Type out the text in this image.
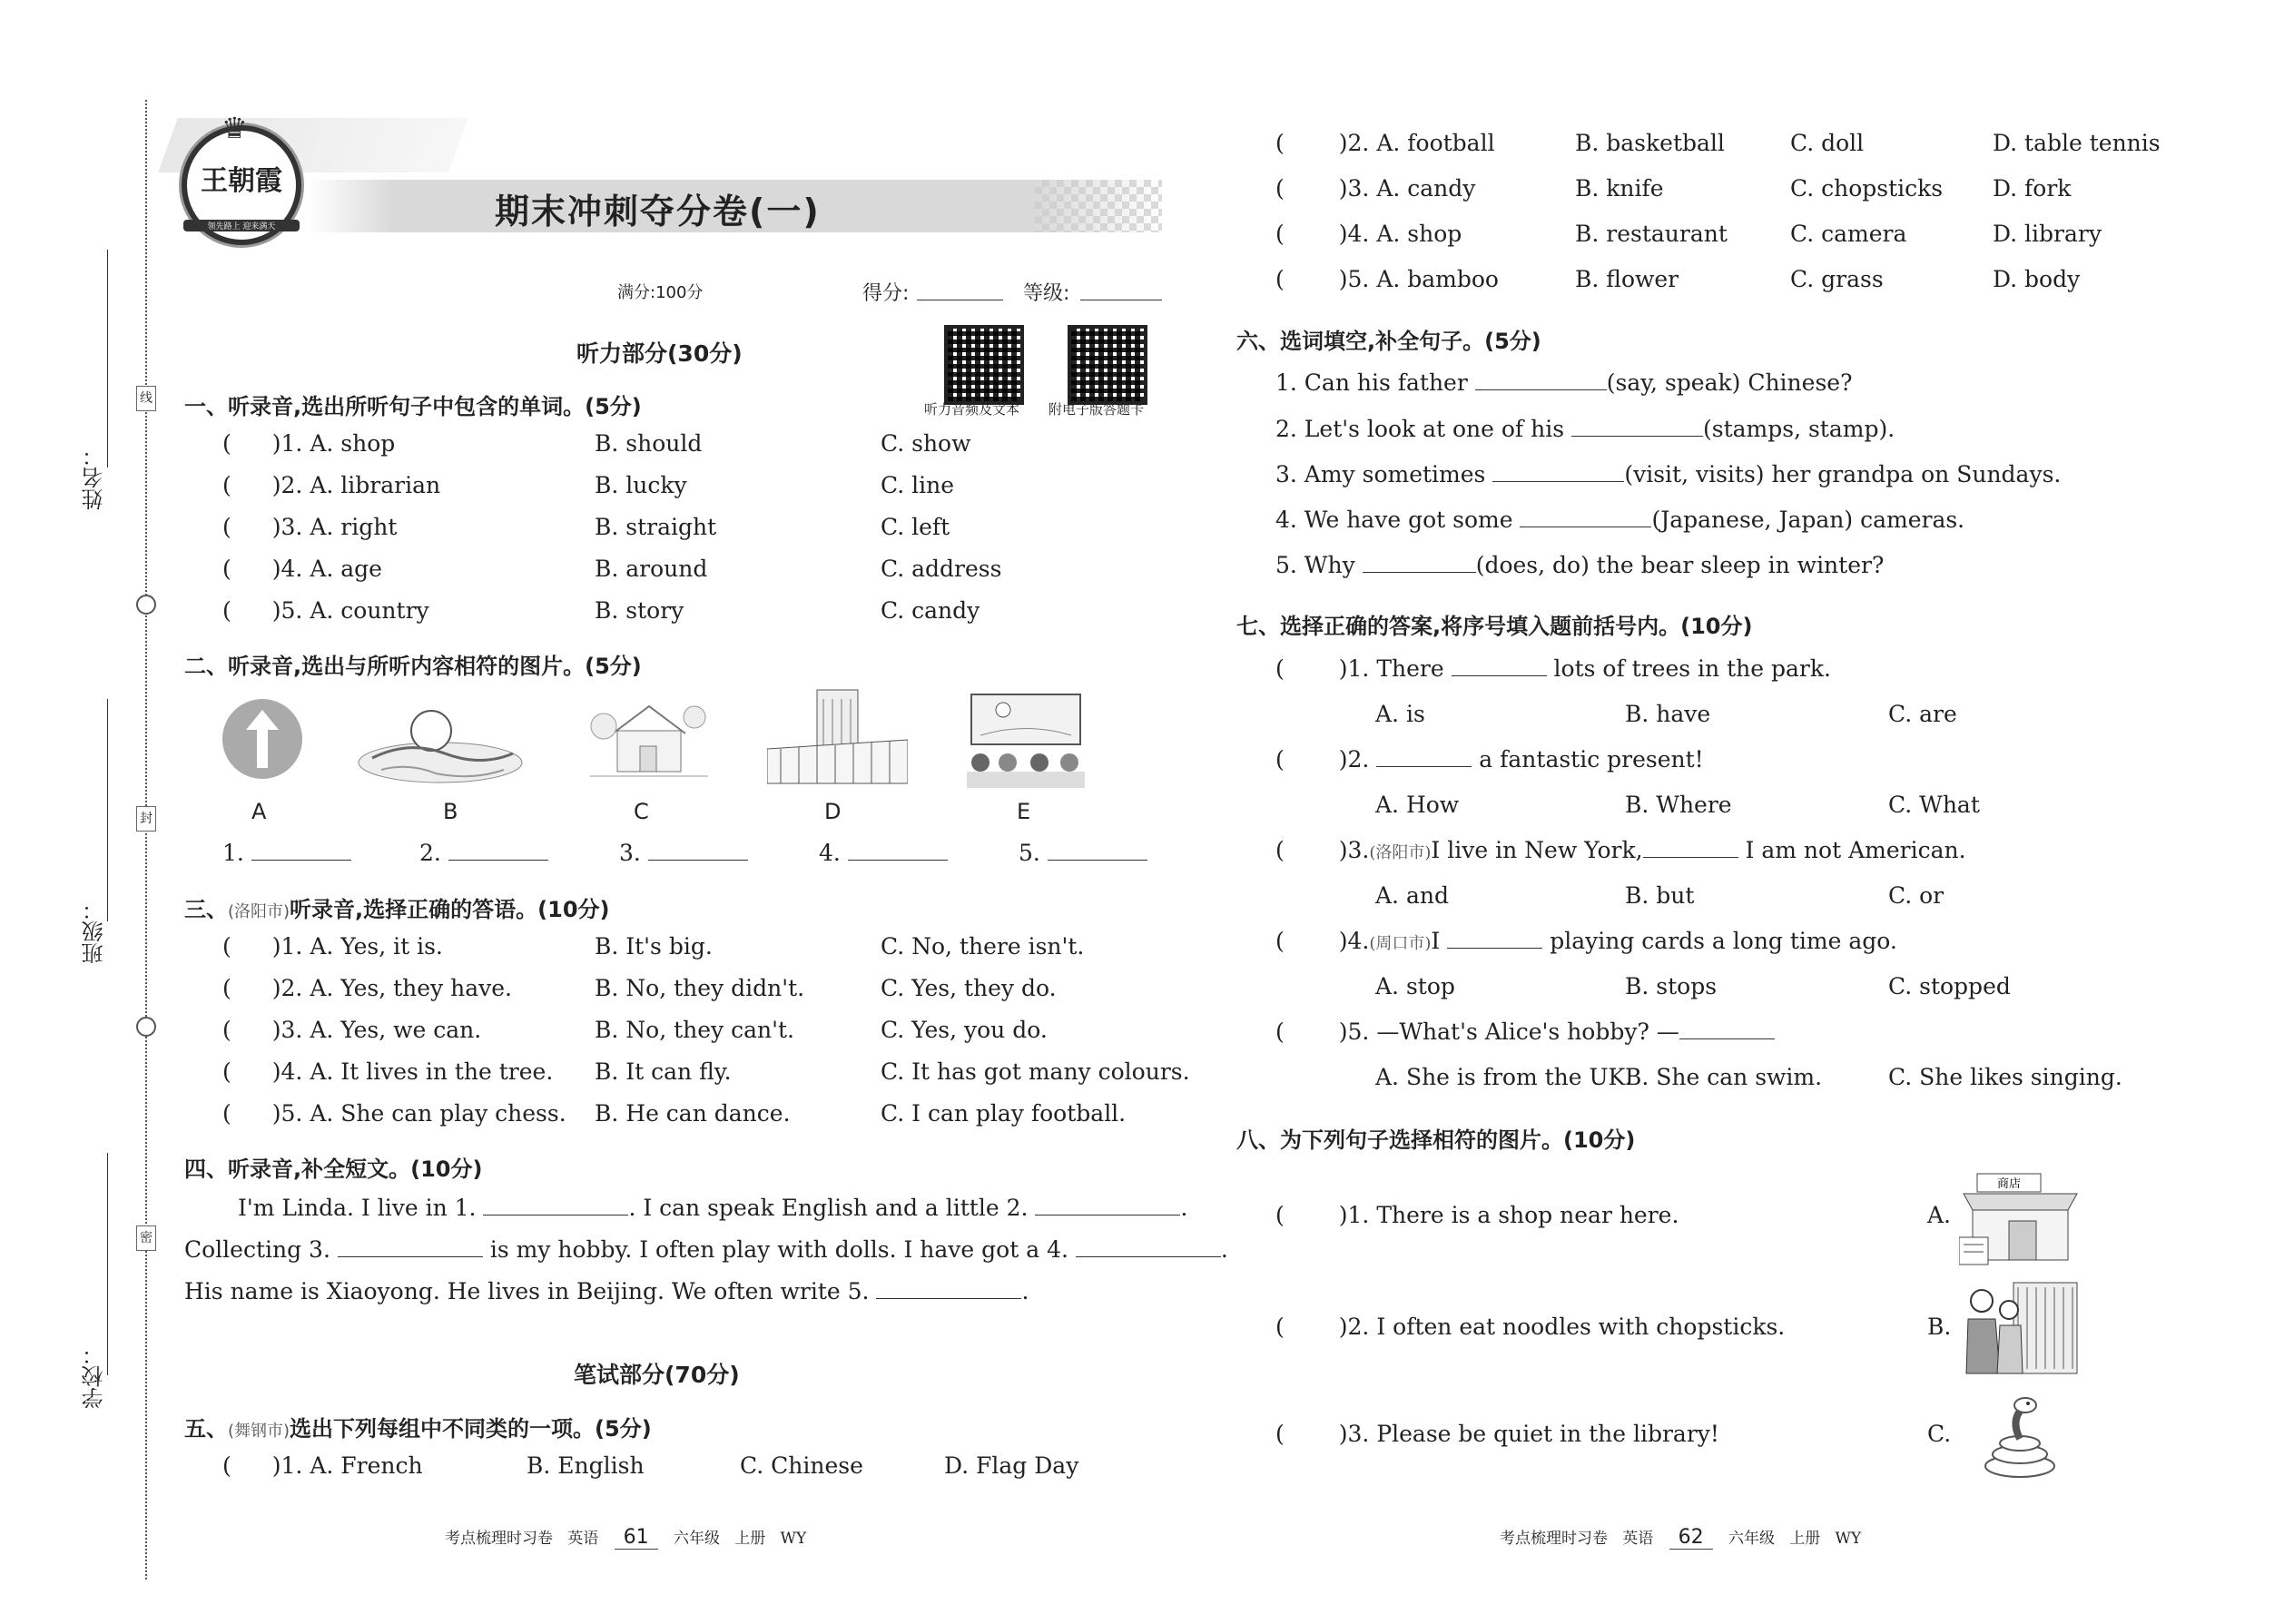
姓名：
班级：
学校：
线
封
密
♛
王朝霞
领先路上 迎来满天	期末冲刺夺分卷(一)
满分:100分	得分:	等级:
听力音频及文本 附电子版答题卡
听力部分(30分)
一、听录音,选出所听句子中包含的单词。(5分)
( )1. A. shop	B. should	C. show
( )2. A. librarian	B. lucky	C. line
( )3. A. right	B. straight	C. left
( )4. A. age	B. around	C. address
( )5. A. country	B. story	C. candy
二、听录音,选出与所听内容相符的图片。(5分)
A	B	C	D	E
1.	2.	3.	4.	5.
三、(洛阳市)听录音,选择正确的答语。(10分)
( )1. A. Yes, it is.	B. It's big.	C. No, there isn't.
( )2. A. Yes, they have.	B. No, they didn't.	C. Yes, they do.
( )3. A. Yes, we can.	B. No, they can't.	C. Yes, you do.
( )4. A. It lives in the tree. B. It can fly.	C. It has got many colours.
( )5. A. She can play chess. B. He can dance.	C. I can play football.
四、听录音,补全短文。(10分)
I'm Linda. I live in 1.	. I can speak English and a little 2.	.
Collecting 3.	is my hobby. I often play with dolls. I have got a 4.	.
His name is Xiaoyong. He lives in Beijing. We often write 5.	.
笔试部分(70分)
五、(舞钢市)选出下列每组中不同类的一项。(5分)
( )1. A. French	B. English	C. Chinese	D. Flag Day
( )2. A. football	B. basketball	C. doll	D. table tennis
( )3. A. candy	B. knife	C. chopsticks D. fork
( )4. A. shop	B. restaurant	C. camera	D. library
( )5. A. bamboo	B. flower	C. grass	D. body
六、选词填空,补全句子。(5分)
1. Can his father	(say, speak) Chinese?
2. Let's look at one of his	(stamps, stamp).
3. Amy sometimes	(visit, visits) her grandpa on Sundays.
4. We have got some	(Japanese, Japan) cameras.
5. Why	(does, do) the bear sleep in winter?
七、选择正确的答案,将序号填入题前括号内。(10分)
( )1. There	lots of trees in the park.
A. is	B. have	C. are
( )2.	a fantastic present!
A. How	B. Where	C. What
( )3.(洛阳市)I live in New York,	I am not American.
A. and	B. but	C. or
( )4.(周口市)I	playing cards a long time ago.
A. stop	B. stops	C. stopped
( )5. —What's Alice's hobby? —
A. She is from the UK.
B. She can swim.	C. She likes singing.
八、为下列句子选择相符的图片。(10分)
( )1. There is a shop near here.	A.
商店
( )2. I often eat noodles with chopsticks.	B.
( )3. Please be quiet in the library!	C.
考点梳理时习卷 英语 61 六年级 上册 WY	考点梳理时习卷 英语 62 六年级 上册 WY
